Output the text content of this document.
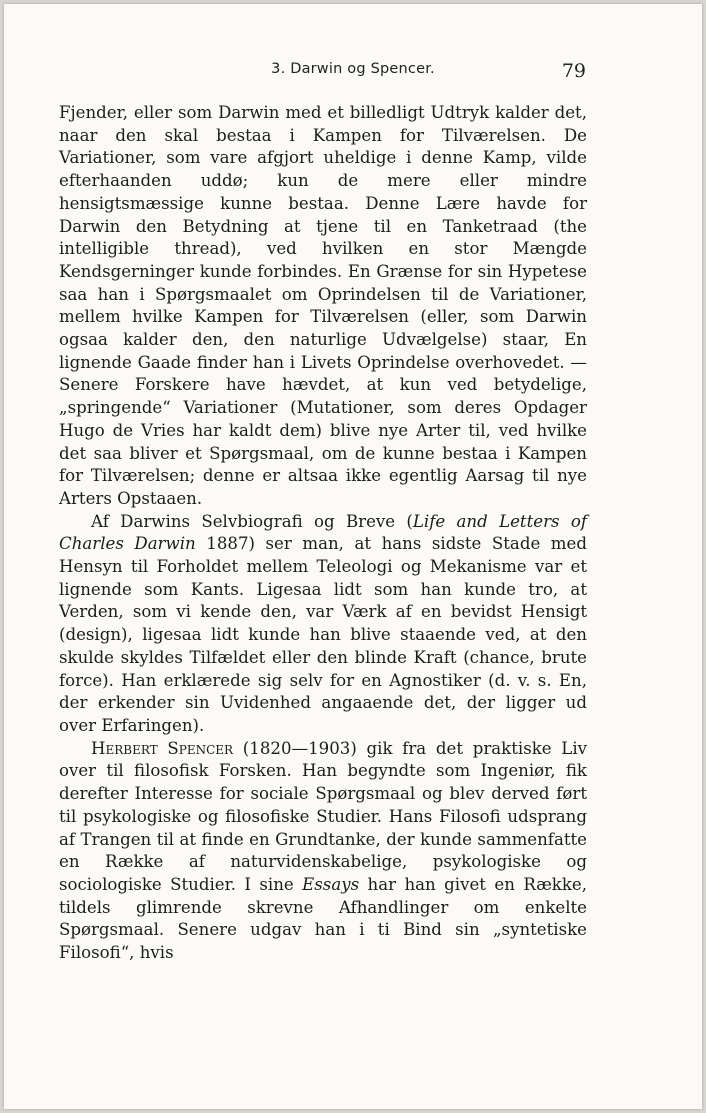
3. Darwin og Spencer.	79

Fjender, eller som Darwin med et billedligt Udtryk kalder det, naar den skal bestaa i Kampen for Tilværelsen. De Variationer, som vare afgjort uheldige i denne Kamp, vilde efterhaanden uddø; kun de mere eller mindre hensigtsmæssige kunne bestaa. Denne Lære havde for Darwin den Betydning at tjene til en Tanketraad (the intelligible thread), ved hvilken en stor Mængde Kendsgerninger kunde forbindes. En Grænse for sin Hypetese saa han i Spørgsmaalet om Oprindelsen til de Variationer, mellem hvilke Kampen for Tilværelsen (eller, som Darwin ogsaa kalder den, den naturlige Udvælgelse) staar, En lignende Gaade finder han i Livets Oprindelse overhovedet. — Senere Forskere have hævdet, at kun ved betydelige, „springende“ Variationer (Mutationer, som deres Opdager Hugo de Vries har kaldt dem) blive nye Arter til, ved hvilke det saa bliver et Spørgsmaal, om de kunne bestaa i Kampen for Tilværelsen; denne er altsaa ikke egentlig Aarsag til nye Arters Opstaaen.

Af Darwins Selvbiografi og Breve (Life and Letters of Charles Darwin 1887) ser man, at hans sidste Stade med Hensyn til Forholdet mellem Teleologi og Mekanisme var et lignende som Kants. Ligesaa lidt som han kunde tro, at Verden, som vi kende den, var Værk af en bevidst Hensigt (design), ligesaa lidt kunde han blive staaende ved, at den skulde skyldes Tilfældet eller den blinde Kraft (chance, brute force). Han erklærede sig selv for en Agnostiker (d. v. s. En, der erkender sin Uvidenhed angaaende det, der ligger ud over Erfaringen).

Herbert Spencer (1820—1903) gik fra det praktiske Liv over til filosofisk Forsken. Han begyndte som Ingeniør, fik derefter Interesse for sociale Spørgsmaal og blev derved ført til psykologiske og filosofiske Studier. Hans Filosofi udsprang af Trangen til at finde en Grundtanke, der kunde sammenfatte en Række af naturvidenskabelige, psykologiske og sociologiske Studier. I sine Essays har han givet en Række, tildels glimrende skrevne Afhandlinger om enkelte Spørgsmaal. Senere udgav han i ti Bind sin „syntetiske Filosofi“, hvis
